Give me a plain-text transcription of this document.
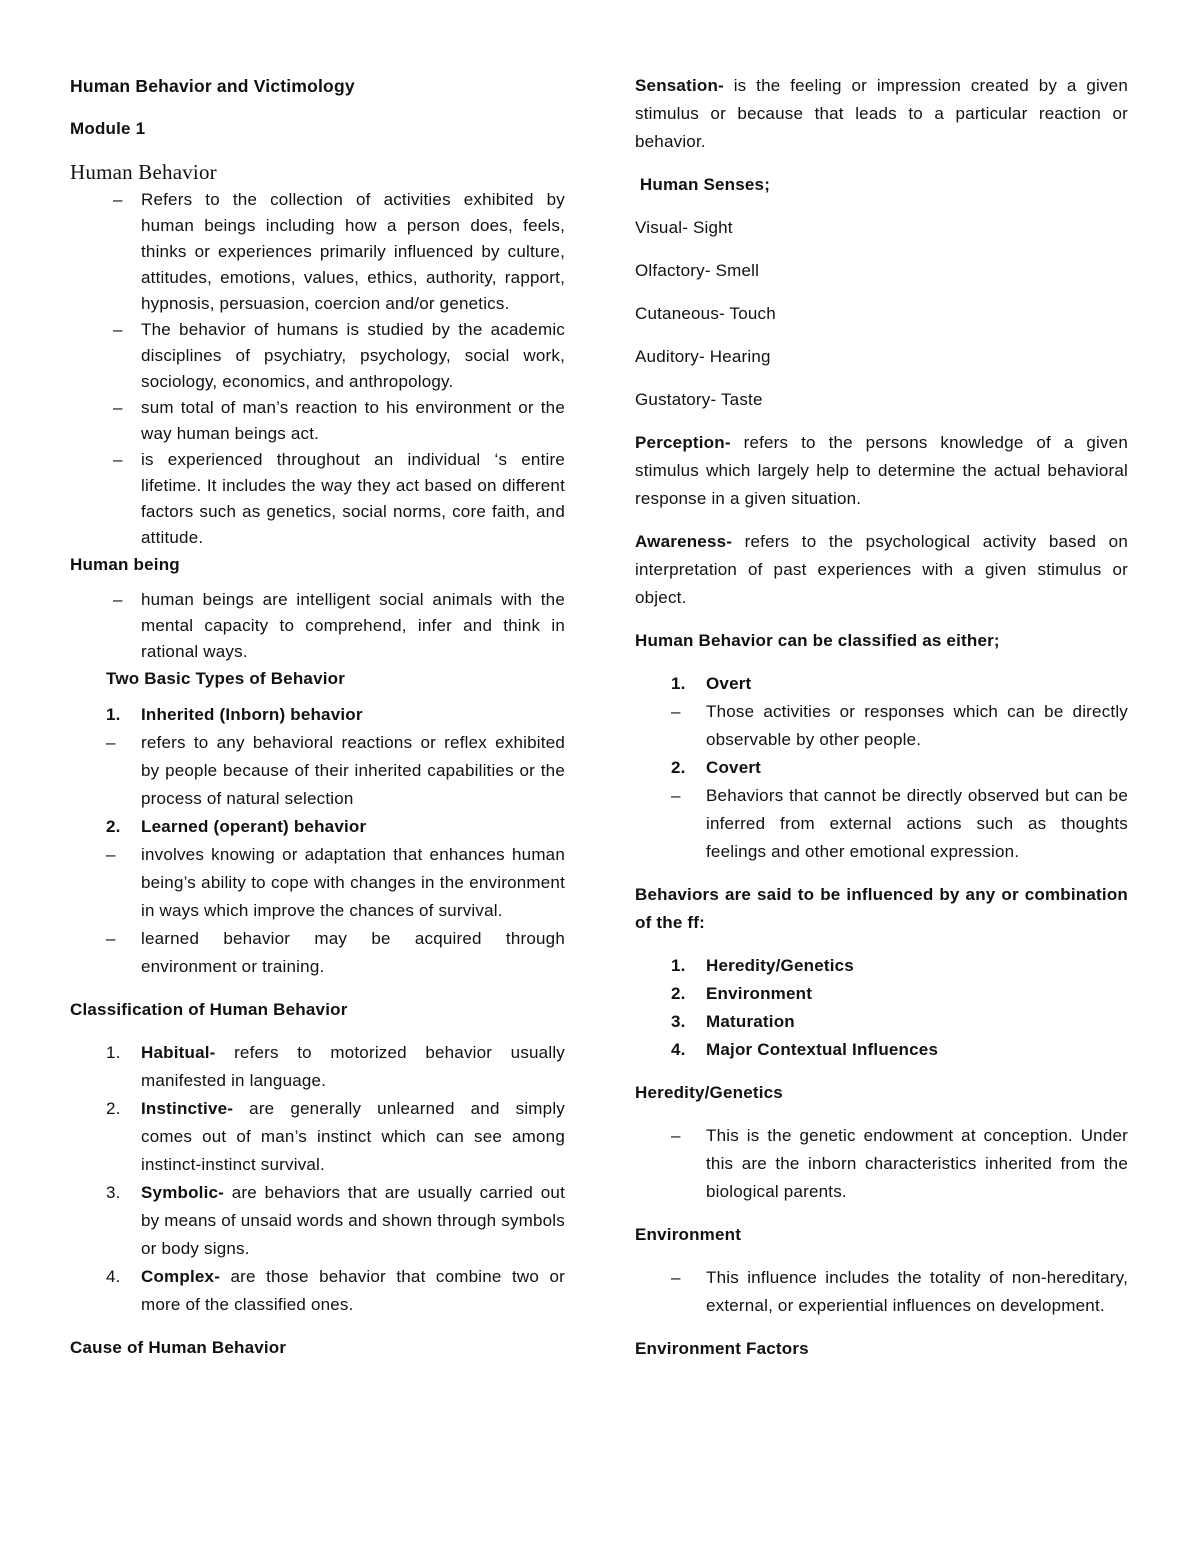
Human Behavior and Victimology

Module 1

Human Behavior

– Refers to the collection of activities exhibited by human beings including how a person does, feels, thinks or experiences primarily influenced by culture, attitudes, emotions, values, ethics, authority, rapport, hypnosis, persuasion, coercion and/or genetics.

– The behavior of humans is studied by the academic disciplines of psychiatry, psychology, social work, sociology, economics, and anthropology.

– sum total of man’s reaction to his environment or the way human beings act.

– is experienced throughout an individual ‘s entire lifetime. It includes the way they act based on different factors such as genetics, social norms, core faith, and attitude.

Human being

– human beings are intelligent social animals with the mental capacity to comprehend, infer and think in rational ways.

Two Basic Types of Behavior

1. Inherited (Inborn) behavior

– refers to any behavioral reactions or reflex exhibited by people because of their inherited capabilities or the process of natural selection

2. Learned (operant) behavior

– involves knowing or adaptation that enhances human being’s ability to cope with changes in the environment in ways which improve the chances of survival.

– learned behavior may be acquired through environment or training.

Classification of Human Behavior

1. Habitual- refers to motorized behavior usually manifested in language.

2. Instinctive- are generally unlearned and simply comes out of man’s instinct which can see among instinct-instinct survival.

3. Symbolic- are behaviors that are usually carried out by means of unsaid words and shown through symbols or body signs.

4. Complex- are those behavior that combine two or more of the classified ones.

Cause of Human Behavior

Sensation- is the feeling or impression created by a given stimulus or because that leads to a particular reaction or behavior.

Human Senses;

Visual- Sight

Olfactory- Smell

Cutaneous- Touch

Auditory- Hearing

Gustatory- Taste

Perception- refers to the persons knowledge of a given stimulus which largely help to determine the actual behavioral response in a given situation.

Awareness- refers to the psychological activity based on interpretation of past experiences with a given stimulus or object.

Human Behavior can be classified as either;

1. Overt

– Those activities or responses which can be directly observable by other people.

2. Covert

– Behaviors that cannot be directly observed but can be inferred from external actions such as thoughts feelings and other emotional expression.

Behaviors are said to be influenced by any or combination of the ff:

1. Heredity/Genetics

2. Environment

3. Maturation

4. Major Contextual Influences

Heredity/Genetics

– This is the genetic endowment at conception. Under this are the inborn characteristics inherited from the biological parents.

Environment

– This influence includes the totality of non-hereditary, external, or experiential influences on development.

Environment Factors
